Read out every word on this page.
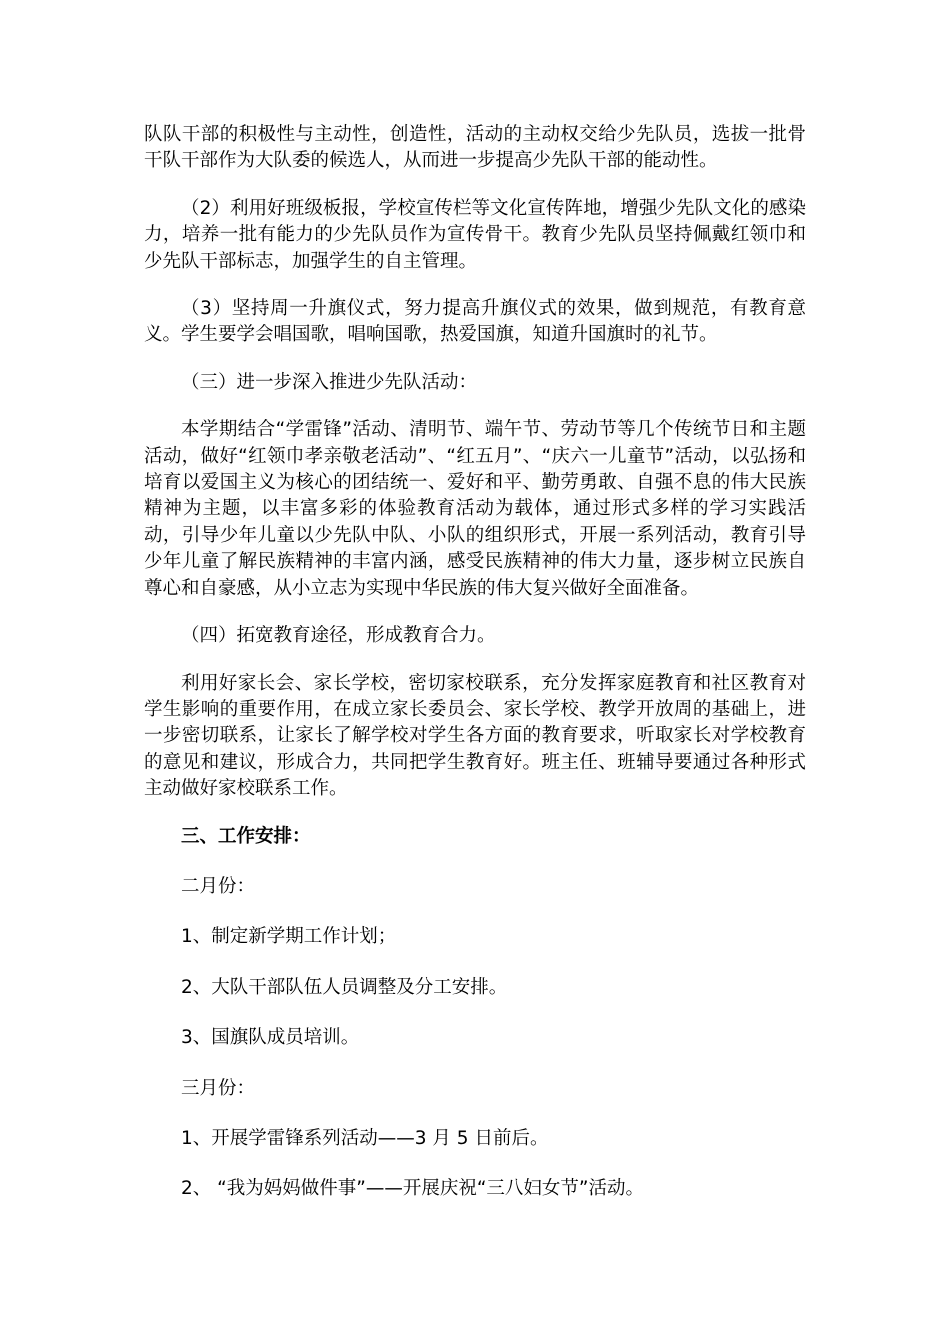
队队干部的积极性与主动性，创造性，活动的主动权交给少先队员，选拔一批骨干队干部作为大队委的候选人，从而进一步提高少先队干部的能动性。

（2）利用好班级板报，学校宣传栏等文化宣传阵地，增强少先队文化的感染力，培养一批有能力的少先队员作为宣传骨干。教育少先队员坚持佩戴红领巾和少先队干部标志，加强学生的自主管理。

（3）坚持周一升旗仪式，努力提高升旗仪式的效果，做到规范，有教育意义。学生要学会唱国歌，唱响国歌，热爱国旗，知道升国旗时的礼节。

（三）进一步深入推进少先队活动：

本学期结合“学雷锋”活动、清明节、端午节、劳动节等几个传统节日和主题活动，做好“红领巾孝亲敬老活动”、“红五月”、“庆六一儿童节”活动，以弘扬和培育以爱国主义为核心的团结统一、爱好和平、勤劳勇敢、自强不息的伟大民族精神为主题，以丰富多彩的体验教育活动为载体，通过形式多样的学习实践活动，引导少年儿童以少先队中队、小队的组织形式，开展一系列活动，教育引导少年儿童了解民族精神的丰富内涵，感受民族精神的伟大力量，逐步树立民族自尊心和自豪感，从小立志为实现中华民族的伟大复兴做好全面准备。

（四）拓宽教育途径，形成教育合力。

利用好家长会、家长学校，密切家校联系，充分发挥家庭教育和社区教育对学生影响的重要作用，在成立家长委员会、家长学校、教学开放周的基础上，进一步密切联系，让家长了解学校对学生各方面的教育要求，听取家长对学校教育的意见和建议，形成合力，共同把学生教育好。班主任、班辅导要通过各种形式主动做好家校联系工作。

三、工作安排：

二月份：

1、制定新学期工作计划；

2、大队干部队伍人员调整及分工安排。

3、国旗队成员培训。

三月份：

1、开展学雷锋系列活动——3 月 5 日前后。

2、 “我为妈妈做件事”——开展庆祝“三八妇女节”活动。
